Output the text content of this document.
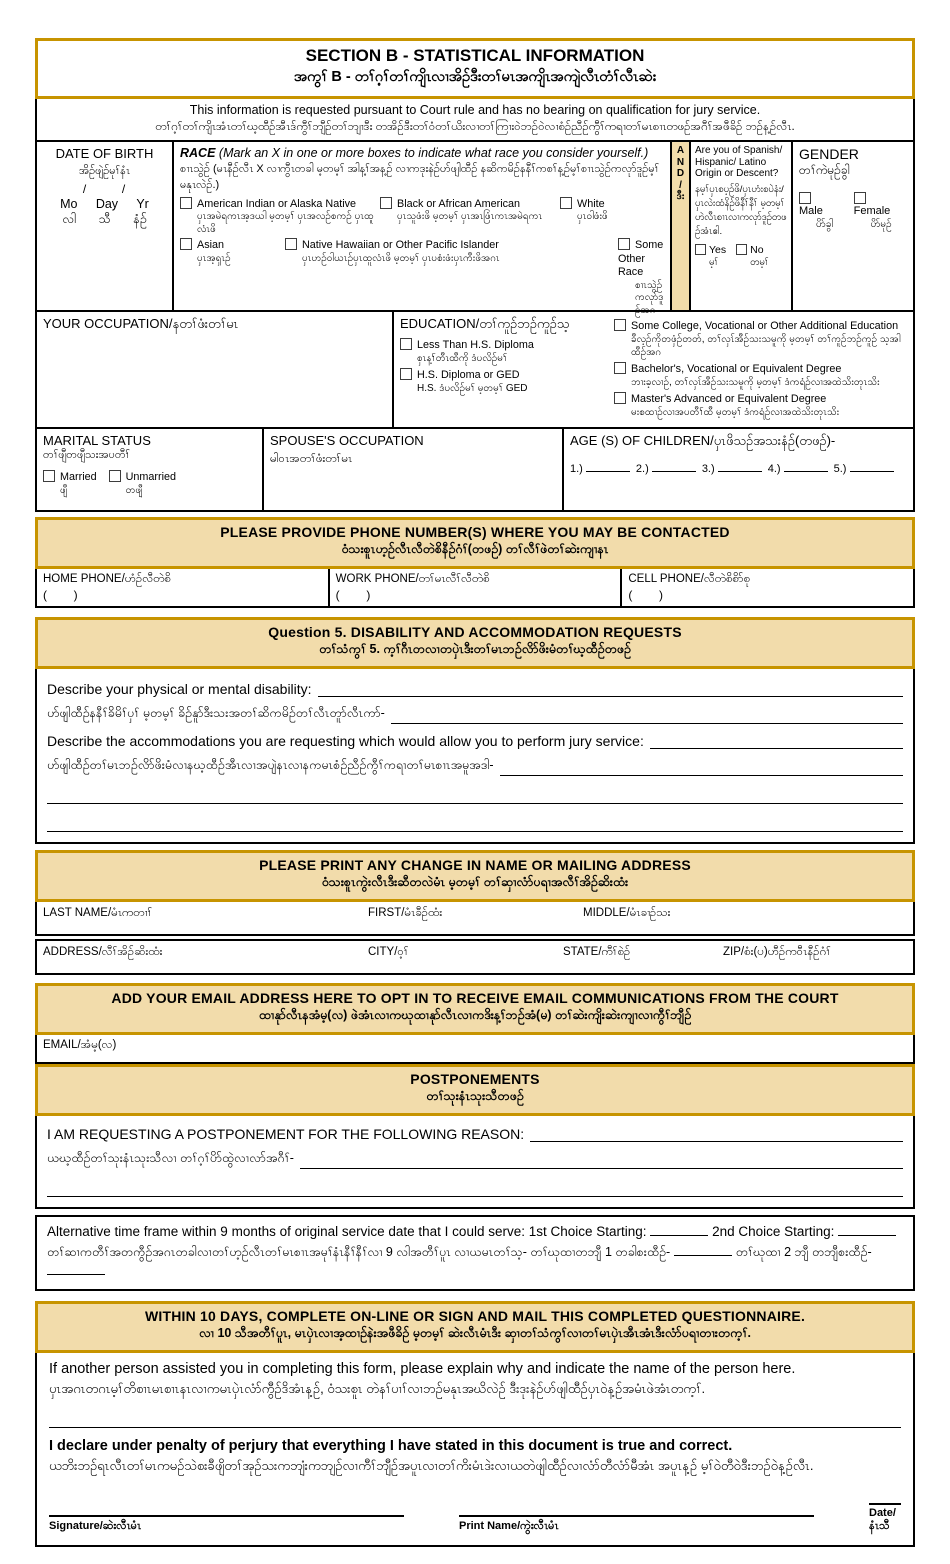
SECTION B - STATISTICAL INFORMATION
အကွၢ် B - တၢ်ဂ့ၢ်တၢ်ကျိၤလၢအိဉ်ဒီးတၢ်မၤအကျိၤအကျဲလီၤတံၢ်လီၤဆဲး
This information is requested pursuant to Court rule and has no bearing on qualification for jury service.
တၢ်ဂ့ၢ်တၢ်ကျိၤအံၤတၢ်ဃ့ထီဉ်အီၤဒ်ကွီၢ်ဘျီဉ်တၢ်ဘျၢဒီး တအိဉ်ဒီးတၢ်ဝံတၢ်ယိးလၢတၢ်ကြၢးဝဲဘဉ်ဝဲလၢစံဉ်ညီဉ်ကွီၢ်ကရၢတၢ်မၤစၢၤတဖဉ်အဂီၢ်အဖီခိဉ် ဘဉ်န့ဉ်လီၤ.
DATE OF BIRTH
အိဉ်ဖျဲဉ်မုၢ်နံၤ
/        /
Mo Day Yr
လါ သီ နံဉ်
RACE (Mark an X in one or more boxes to indicate what race you consider yourself.)
စၢၤသွဲဉ် (မၤနီဉ်လီၤ X လၢကွီၤတခါ မ့တမ့ၢ် အါန့ၢ်အန့ဉ် လၢကဒုးနဲဉ်ဟ်ဖျါထီဉ် နဆိကမိဉ်နနီၢ်ကစၢ်န့ဉ်မ့ၢ်စၢၤသွဲဉ်ကလုာ်ဒူဉ်မ့ၢ်မနုၤလဲဉ်.)
American Indian or Alaska Native
ပှၤအမဲရကၤအ့ဒယါ မ့တမ့ၢ် ပှၤအလဉ်စကဉ် ပှၤထူလံၤဖိ
Black or African American
ပှၤသူဖံးဖိ မ့တမ့ၢ် ပှၤအၤဖြံၤကၤအမဲရကၤ
White
ပှၤဝါဖံးဖိ
Asian
ပှၤအ့ၡၤဉ်
Native Hawaiian or Other Pacific Islander
ပှၤဟဉ်ဝါယၤဉ်ပှၤထူလံၤဖိ မ့တမ့ၢ် ပှၤပစံးဖံးပှၤကီးဖိအဂၤ
Some Other Race
စၢၤသွဲဉ်ကလုာ်ဒူဉ်အဂ
A
N
D
/
ဒီး
Are you of Spanish/ Hispanic/ Latino Origin or Descent?
နမ့ၢ်ပှၤစပ့ဉ်ဖိ/ပှၤဟံးစပဲနံး/ပှၤလဲးထံနိဉ်ဖိနီၢ်နီၢ် မ့တမ့ၢ် ဟဲလီၤစၢၤလၢကလုာ်ဒူဉ်တဖဉ်အံၤဧါ.
Yes
မ့ၢ်
No
တမ့ၢ်
GENDER
တၢ်ကဲမုဉ်ခွါ
Male
ပိာ်ခွါ
Female
ပိာ်မုဉ်
YOUR OCCUPATION/နတၢ်ဖံးတၢ်မၤ	EDUCATION/တၢ်ကူဉ်ဘဉ်ကူဉ်သ့
Less Than H.S. Diploma
စှၤန့ၢ်တီၤထီကို ဒံပလိဉ်မၢ်
H.S. Diploma or GED
H.S. ဒံပလိဉ်မၢ် မ့တမ့ၢ် GED
Some College, Vocational or Other Additional Education
ခီလ့ဉ်ကိုတဖှံဉ်တတ်, တၢ်လှၤ်အီဉ်သးသမူကို မ့တမ့ၢ် တၢ်ကူဉ်ဘဉ်ကူဉ် သ့အါထီဉ်အဂ
Bachelor's, Vocational or Equivalent Degree
ဘၢးခ့လၢဉ်, တၢ်လှၤ်အီဉ်သးသမူကို မ့တမ့ၢ် ဒံကရံဉ်လၢအထဲသိးတုၤသိး
Master's Advanced or Equivalent Degree
မးစထၢဉ်လၢအပတီၢ်ထီ မ့တမ့ၢ် ဒံကရံဉ်လၢအထဲသိးတုၤသိး
MARITAL STATUS
တၢ်ဖျီတဖျီသးအပတီၢ်
Married
ဖျီ
Unmarried
တဖျီ
SPOUSE'S OCCUPATION
မါဝၤအတၢ်ဖံးတၢ်မၤ
AGE (S) OF CHILDREN/ပှၤဖိသဉ်အသးနံဉ်(တဖဉ်)-
1.)	2.)	3.)	4.)	5.)
PLEASE PROVIDE PHONE NUMBER(S) WHERE YOU MAY BE CONTACTED
ဝံသးစူၤဟ့ဉ်လီၤလီတဲစိနီဉ်ဂံၢ်(တဖဉ်) တၢ်လီၢ်ဖဲတၢ်ဆဲးကျၢနၤ
HOME PHONE/ဟံဉ်လီတဲစိ
(        )
WORK PHONE/တၢ်မၤလီၢ်လီတဲစိ
(        )
CELL PHONE/လီတဲစိစိာ်စု
(        )
Question 5. DISABILITY AND ACCOMMODATION REQUESTS
တၢ်သံကွၢ် 5. က့ၢ်ဂီၤတလၢတပှဲၤဒီးတၢ်မၤဘဉ်လိာ်ဖိးမံတၢ်ဃ့ထီဉ်တဖဉ်
Describe your physical or mental disability:
ဟ်ဖျါထီဉ်နနီၢ်ခိမိၢ်ပှၢ် မ့တမ့ၢ် ခိဉ်နူာ်ဒီးသးအတၢ်ဆိကမိဉ်တၢ်လီၤတူာ်လီၤကာ်-
Describe the accommodations you are requesting which would allow you to perform jury service:
ဟ်ဖျါထီဉ်တၢ်မၤဘဉ်လိာ်ဖိးမံလၢနဃ့ထီဉ်အီၤလၢအပျဲနၤလၢနကမၤစံဉ်ညီဉ်ကွီၢ်ကရၢတၢ်မၤစၢၤအမူအဒါ-
PLEASE PRINT ANY CHANGE IN NAME OR MAILING ADDRESS
ဝံသးစူၤကွဲးလီၤဒီးဆီတလဲမံၤ မ့တမ့ၢ် တၢ်ဆှၢလံာ်ပရၢအလီၢ်အိဉ်ဆိးထံး
LAST NAME/မံၤကတၢၢ်	FIRST/မံၤခီဉ်ထံး	MIDDLE/မံၤခၢဉ်သး
ADDRESS/လီၢ်အိဉ်ဆိးထံး	CITY/ဝ့ၢ်	STATE/ကီၢ်စဲဉ်	ZIP/စံး(ပ)ဟီဉ်ကဝီၤနီဉ်ဂံၢ်
ADD YOUR EMAIL ADDRESS HERE TO OPT IN TO RECEIVE EMAIL COMMUNICATIONS FROM THE COURT
ထၢနုာ်လီၤနအံမ့(လ) ဖဲအံၤလၢကဃုထၢနုာ်လီၤလၢကဒိးန့ၢ်ဘဉ်အံ(မ) တၢ်ဆဲးကျိးဆဲးကျၢလၢကွီၢ်ဘျီဉ်
EMAIL/အံမ့(လ)
POSTPONEMENTS
တၢ်သုးနံၤသုးသီတဖဉ်
I AM REQUESTING A POSTPONEMENT FOR THE FOLLOWING REASON:
ယဃ့ထီဉ်တၢ်သုးနံၤသုးသီလၢ တၢ်ဂ့ၢ်ပိာ်ထွဲလၢလာ်အဂီၢ်-
Alternative time frame within 9 months of original service date that I could serve: 1st Choice Starting:	2nd Choice Starting:
တၢ်ဆၢကတီၢ်အတကွီဉ်အဂၤတခါလၢတၢ်ဟ့ဉ်လီၤတၢ်မၤစၢၤအမုၢ်နံၤနီၢ်နီၢ်လၢ 9 လါအတီၢ်ပူၤ လၢယမၤတၢ်သ့- တၢ်ဃုထၢတဘျီ 1 တခါစးထီဉ်-	တၢ်ဃုထၢ 2 ဘျီ တဘျီစးထီဉ်-
WITHIN 10 DAYS, COMPLETE ON-LINE OR SIGN AND MAIL THIS COMPLETED QUESTIONNAIRE.
လၢ 10 သီအတီၢ်ပူၤ, မၤပှဲၤလၢအ့ထၢဉ်နဲးအဖီခိဉ် မ့တမ့ၢ် ဆဲးလီၤမံၤဒီး ဆှၢတၢ်သံကွၢ်လၢတၢ်မၤပှဲၤအီၤအံၤဒီးလံာ်ပရၢတၢးတက့ၢ်.
If another person assisted you in completing this form, please explain why and indicate the name of the person here.
ပှၤအဂၤတဂၤမ့ၢ်တိစၢၤမၤစၢၤနၤလၢကမၤပှဲၤလံာ်ကွီဉ်ဒိအံၤန့ဉ်, ဝံသးစူၤ တဲနၢ်ပၢၢ်လၢဘဉ်မနုၤအဃိလဲဉ် ဒီးဒုးနဲဉ်ဟ်ဖျါထီဉ်ပှၤဝဲန့ဉ်အမံၤဖဲအံၤတက့ၢ်.
I declare under penalty of perjury that everything I have stated in this document is true and correct.
ယဘိးဘဉ်ရၤလီၤတၢ်မၤကမဉ်သဲစးခီဖျိတၢ်အုဉ်သးကဘျံးကဘျဉ်လၢကီၢ်ဘျီဉ်အပူၤလၢတၢ်ကိးမံၤဒဲးလၢယတဲဖျါထီဉ်လၢလံာ်တီလံာ်မီအံၤ အပူၤန့ဉ် မ့ၢ်ဝဲတီဝဲဒီးဘဉ်ဝဲန့ဉ်လီၤ.
Signature/ဆဲးလီၤမံၤ	Print Name/ကွဲးလီၤမံၤ
Date/နံၤသီ
